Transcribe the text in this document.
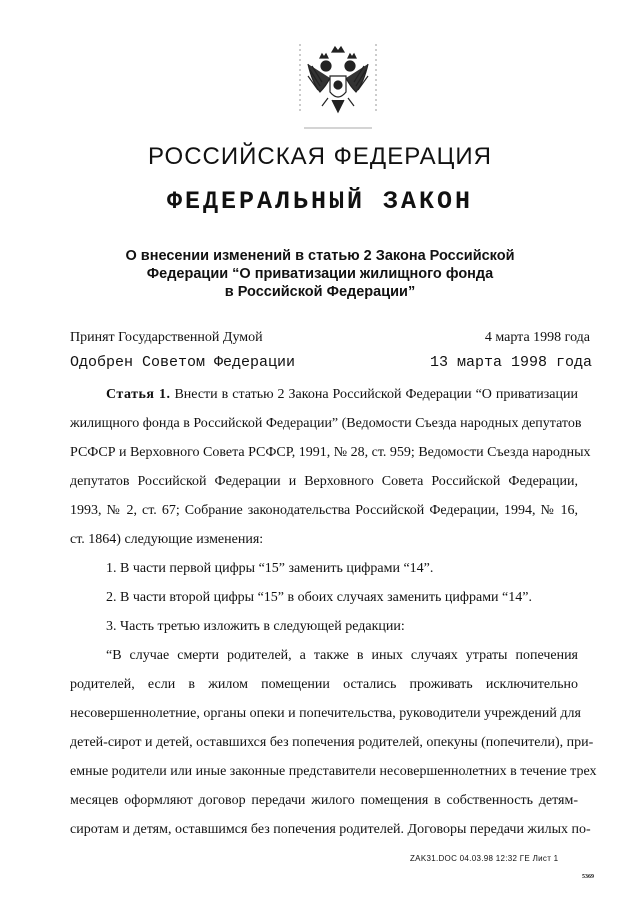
РОССИЙСКАЯ ФЕДЕРАЦИЯ
ФЕДЕРАЛЬНЫЙ ЗАКОН
О внесении изменений в статью 2 Закона Российской
Федерации “О приватизации жилищного фонда
в Российской Федерации”
Принят Государственной Думой	4 марта 1998 года
Одобрен Советом Федерации	13 марта 1998 года
Статья 1. Внести в статью 2 Закона Российской Федерации “О приватизации
жилищного фонда в Российской Федерации” (Ведомости Съезда народных депутатов
РСФСР и Верховного Совета РСФСР, 1991, № 28, ст. 959; Ведомости Съезда народных
депутатов Российской Федерации и Верховного Совета Российской Федерации,
1993, № 2, ст. 67; Собрание законодательства Российской Федерации, 1994, № 16,
ст. 1864) следующие изменения:
1. В части первой цифры “15” заменить цифрами “14”.
2. В части второй цифры “15” в обоих случаях заменить цифрами “14”.
3. Часть третью изложить в следующей редакции:
“В случае смерти родителей, а также в иных случаях утраты попечения
родителей, если в жилом помещении остались проживать исключительно
несовершеннолетние, органы опеки и попечительства, руководители учреждений для
детей-сирот и детей, оставшихся без попечения родителей, опекуны (попечители), при-
емные родители или иные законные представители несовершеннолетних в течение трех
месяцев оформляют договор передачи жилого помещения в собственность детям-
сиротам и детям, оставшимся без попечения родителей. Договоры передачи жилых по-
ZAK31.DOC 04.03.98 12:32 ГЕ Лист 1
5369
